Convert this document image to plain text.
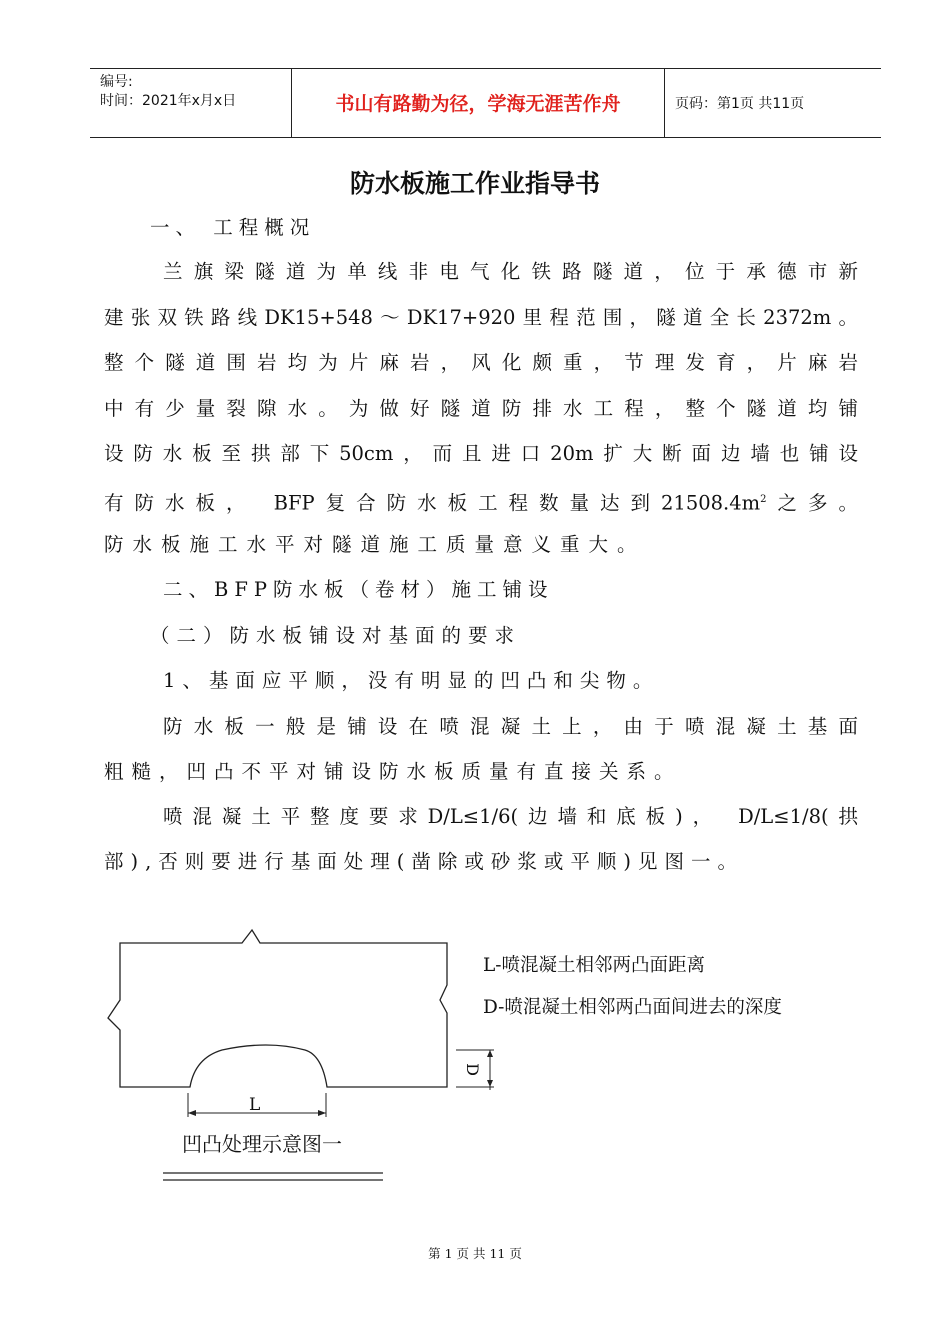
编号:
时间：2021年x月x日	书山有路勤为径，学海无涯苦作舟	页码：第1页 共11页
防水板施工作业指导书
一、 工程概况
兰旗梁隧道为单线非电气化铁路隧道，位于承德市新
建张双铁路线DK15+548～DK17+920里程范围，隧道全长2372m。
整个隧道围岩均为片麻岩，风化颇重，节理发育，片麻岩
中有少量裂隙水。为做好隧道防排水工程，整个隧道均铺
设防水板至拱部下50cm，而且进口20m扩大断面边墙也铺设
有防水板， BFP复合防水板工程数量达到$21508.4m^2$之多。
防水板施工水平对隧道施工质量意义重大。
二、BFP防水板（卷材）施工铺设
（二）防水板铺设对基面的要求
1、基面应平顺，没有明显的凹凸和尖物。
防水板一般是铺设在喷混凝土上，由于喷混凝土基面
粗糙，凹凸不平对铺设防水板质量有直接关系。
喷混凝土平整度要求D/L≤1/6(边墙和底板)， D/L≤1/8(拱
部),否则要进行基面处理(凿除或砂浆或平顺)见图一。
L
D
L-喷混凝土相邻两凸面距离
D-喷混凝土相邻两凸面间进去的深度
凹凸处理示意图一
第 1 页 共 11 页
